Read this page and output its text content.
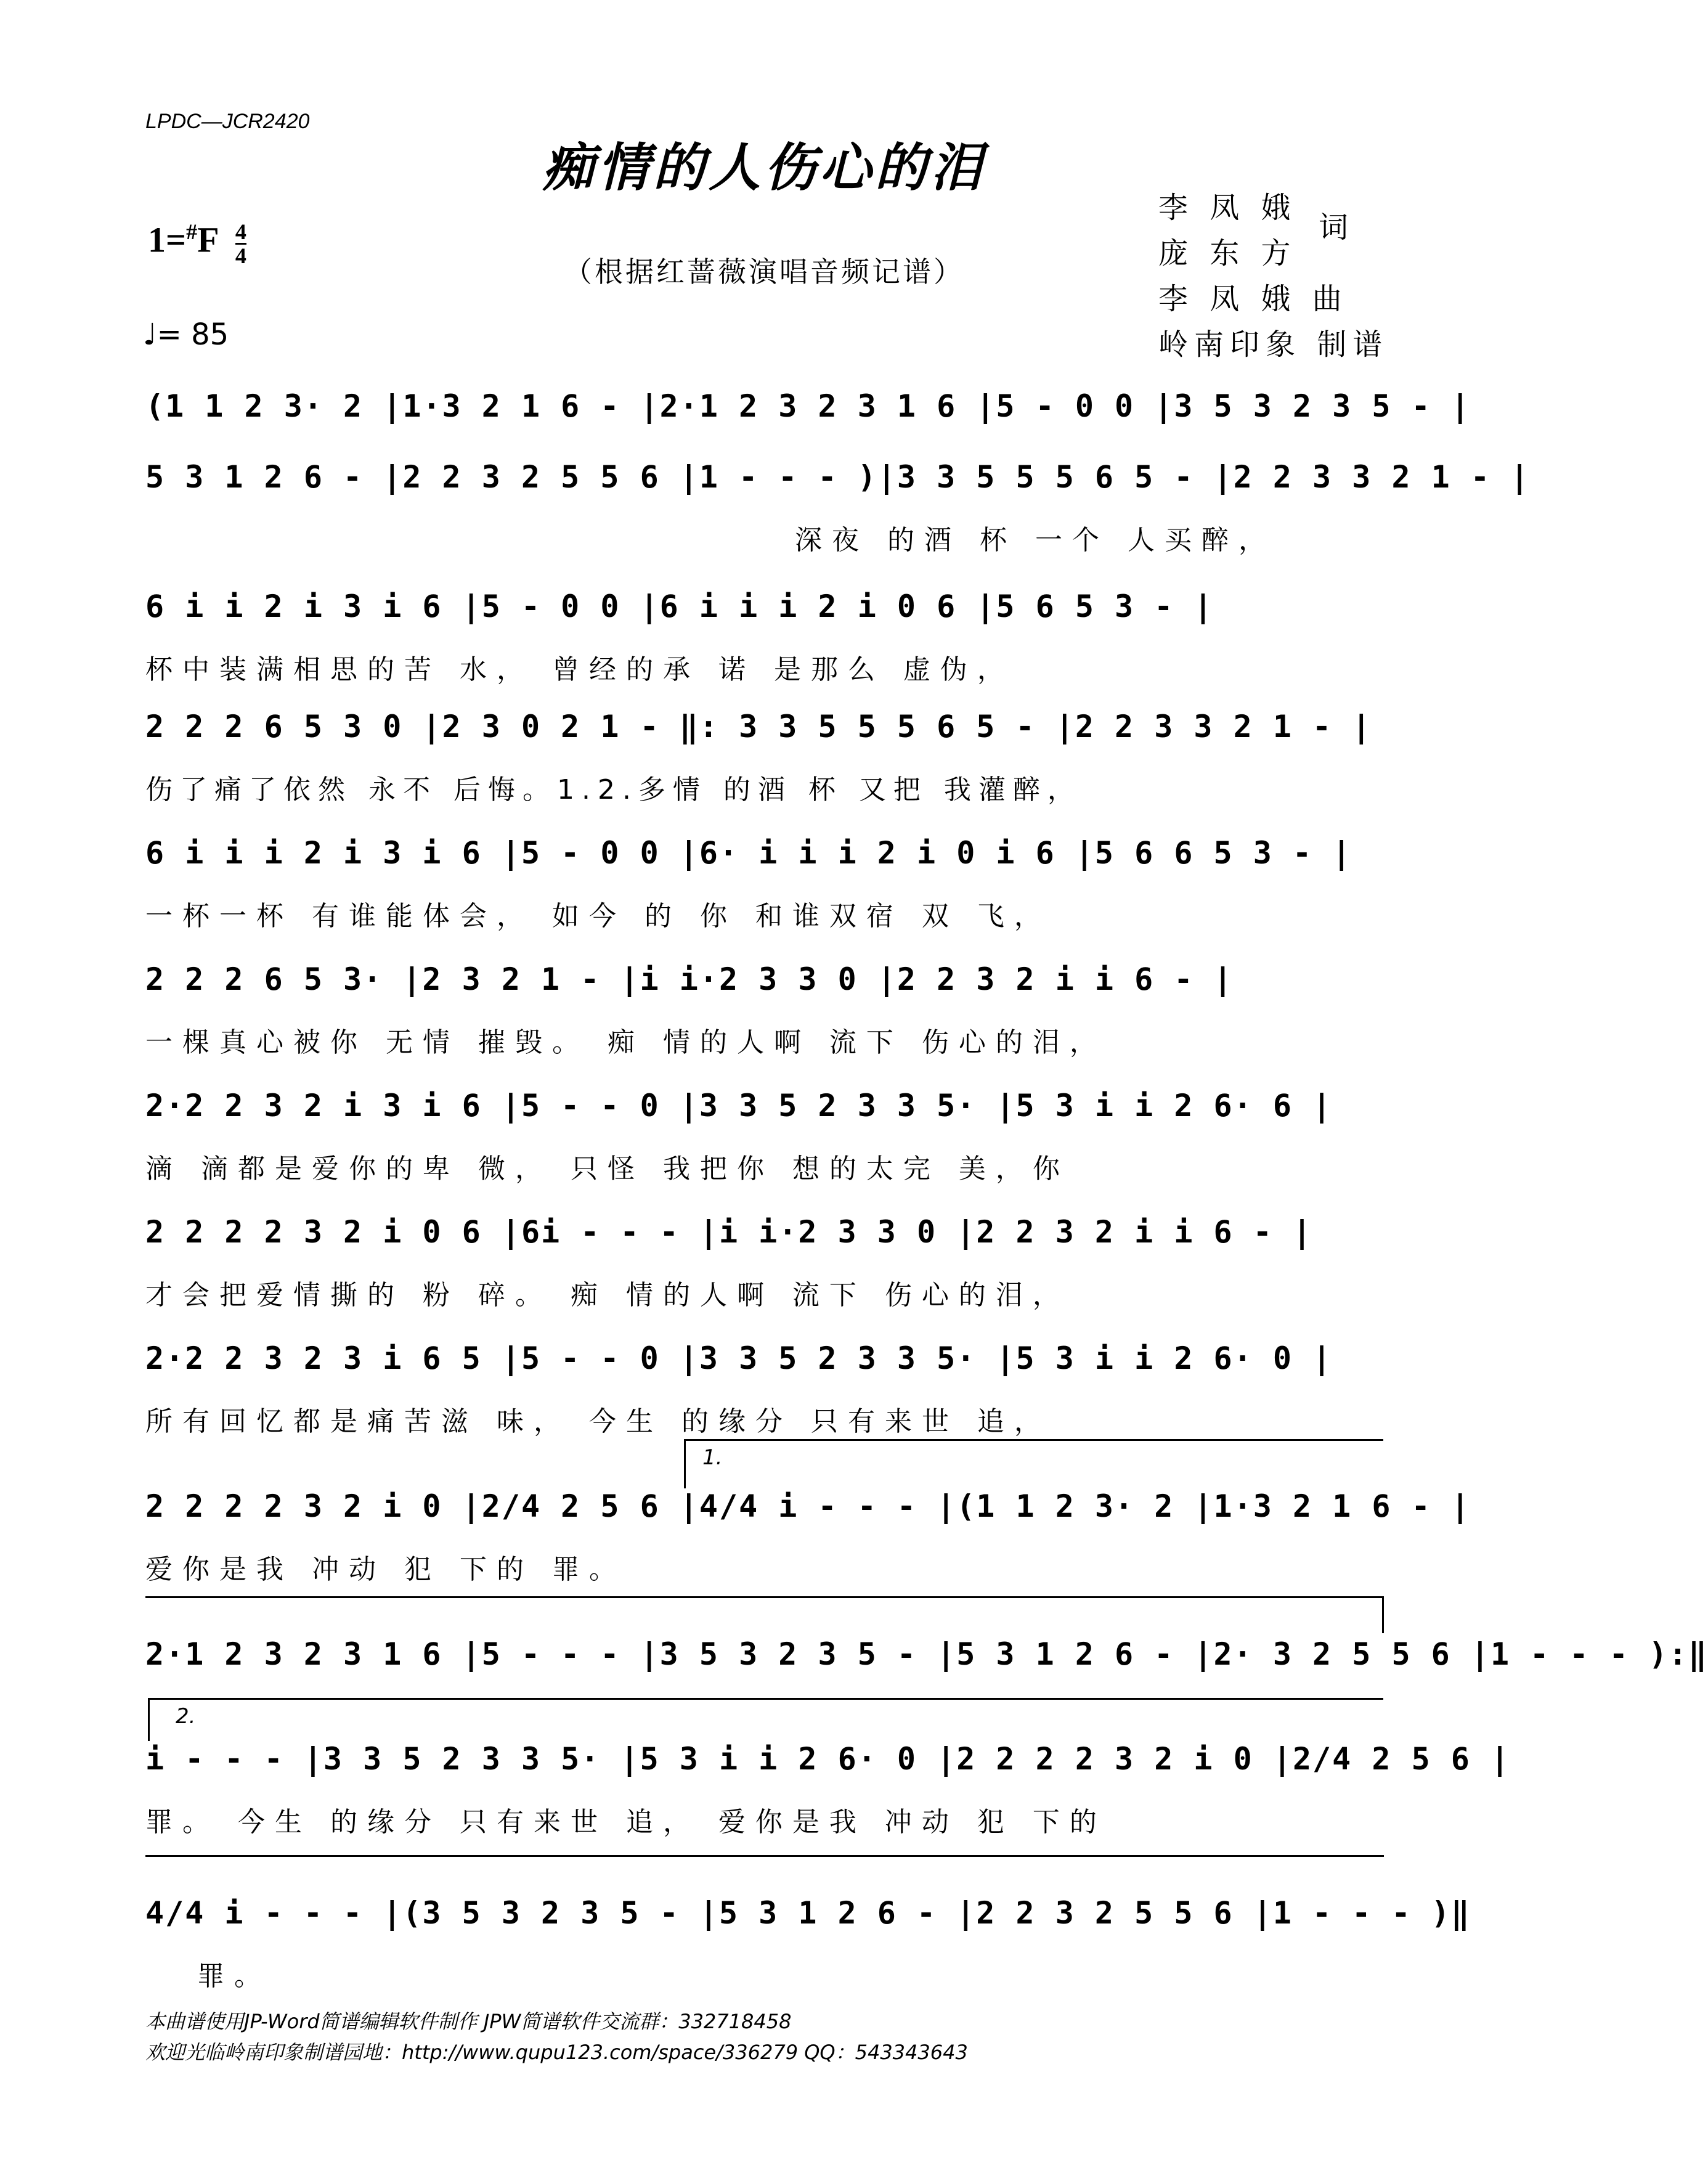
LPDC—JCR2420
痴情的人伤心的泪
$1=^{\#}F \frac{4}{4}$
（根据红蔷薇演唱音频记谱）
♩= 85
李 凤 娥
庞 东 方
李 凤 娥 曲
岭南印象 制谱
词
(1 1 2 3· 2 |1·3 2 1 6 - |2·1 2 3 2 3 1 6 |5 - 0 0 |3 5 3 2 3 5 - |
5 3 1 2 6 - |2 2 3 2 5 5 6 |1 - - - )|3 3 5 5 5 6 5 - |2 2 3 3 2 1 - |
深夜 的酒 杯 一个 人买醉，
6 i i 2 i 3 i 6 |5 - 0 0 |6 i i i 2 i 0 6 |5 6 5 3 - |
杯中装满相思的苦 水， 曾经的承 诺 是那么 虚伪，
2 2 2 6 5 3 0 |2 3 0 2 1 - ‖: 3 3 5 5 5 6 5 - |2 2 3 3 2 1 - |
伤了痛了依然 永不 后悔。1.2.多情 的酒 杯 又把 我灌醉，
6 i i i 2 i 3 i 6 |5 - 0 0 |6· i i i 2 i 0 i 6 |5 6 6 5 3 - |
一杯一杯 有谁能体会， 如今 的 你 和谁双宿 双 飞，
2 2 2 6 5 3· |2 3 2 1 - |i i·2 3 3 0 |2 2 3 2 i i 6 - |
一棵真心被你 无情 摧毁。 痴 情的人啊 流下 伤心的泪，
2·2 2 3 2 i 3 i 6 |5 - - 0 |3 3 5 2 3 3 5· |5 3 i i 2 6· 6 |
滴 滴都是爱你的卑 微， 只怪 我把你 想的太完 美，你
2 2 2 2 3 2 i 0 6 |6i - - - |i i·2 3 3 0 |2 2 3 2 i i 6 - |
才会把爱情撕的 粉 碎。 痴 情的人啊 流下 伤心的泪，
2·2 2 3 2 3 i 6 5 |5 - - 0 |3 3 5 2 3 3 5· |5 3 i i 2 6· 0 |
所有回忆都是痛苦滋 味， 今生 的缘分 只有来世 追，
1.
2 2 2 2 3 2 i 0 |2/4 2 5 6 |4/4 i - - - |(1 1 2 3· 2 |1·3 2 1 6 - |
爱你是我 冲动 犯 下的 罪。
2·1 2 3 2 3 1 6 |5 - - - |3 5 3 2 3 5 - |5 3 1 2 6 - |2· 3 2 5 5 6 |1 - - - ):‖
2.
i - - - |3 3 5 2 3 3 5· |5 3 i i 2 6· 0 |2 2 2 2 3 2 i 0 |2/4 2 5 6 |
罪。 今生 的缘分 只有来世 追， 爱你是我 冲动 犯 下的
4/4 i - - - |(3 5 3 2 3 5 - |5 3 1 2 6 - |2 2 3 2 5 5 6 |1 - - - )‖
罪。
本曲谱使用JP-Word简谱编辑软件制作 JPW简谱软件交流群：332718458
欢迎光临岭南印象制谱园地：http://www.qupu123.com/space/336279 QQ：543343643
